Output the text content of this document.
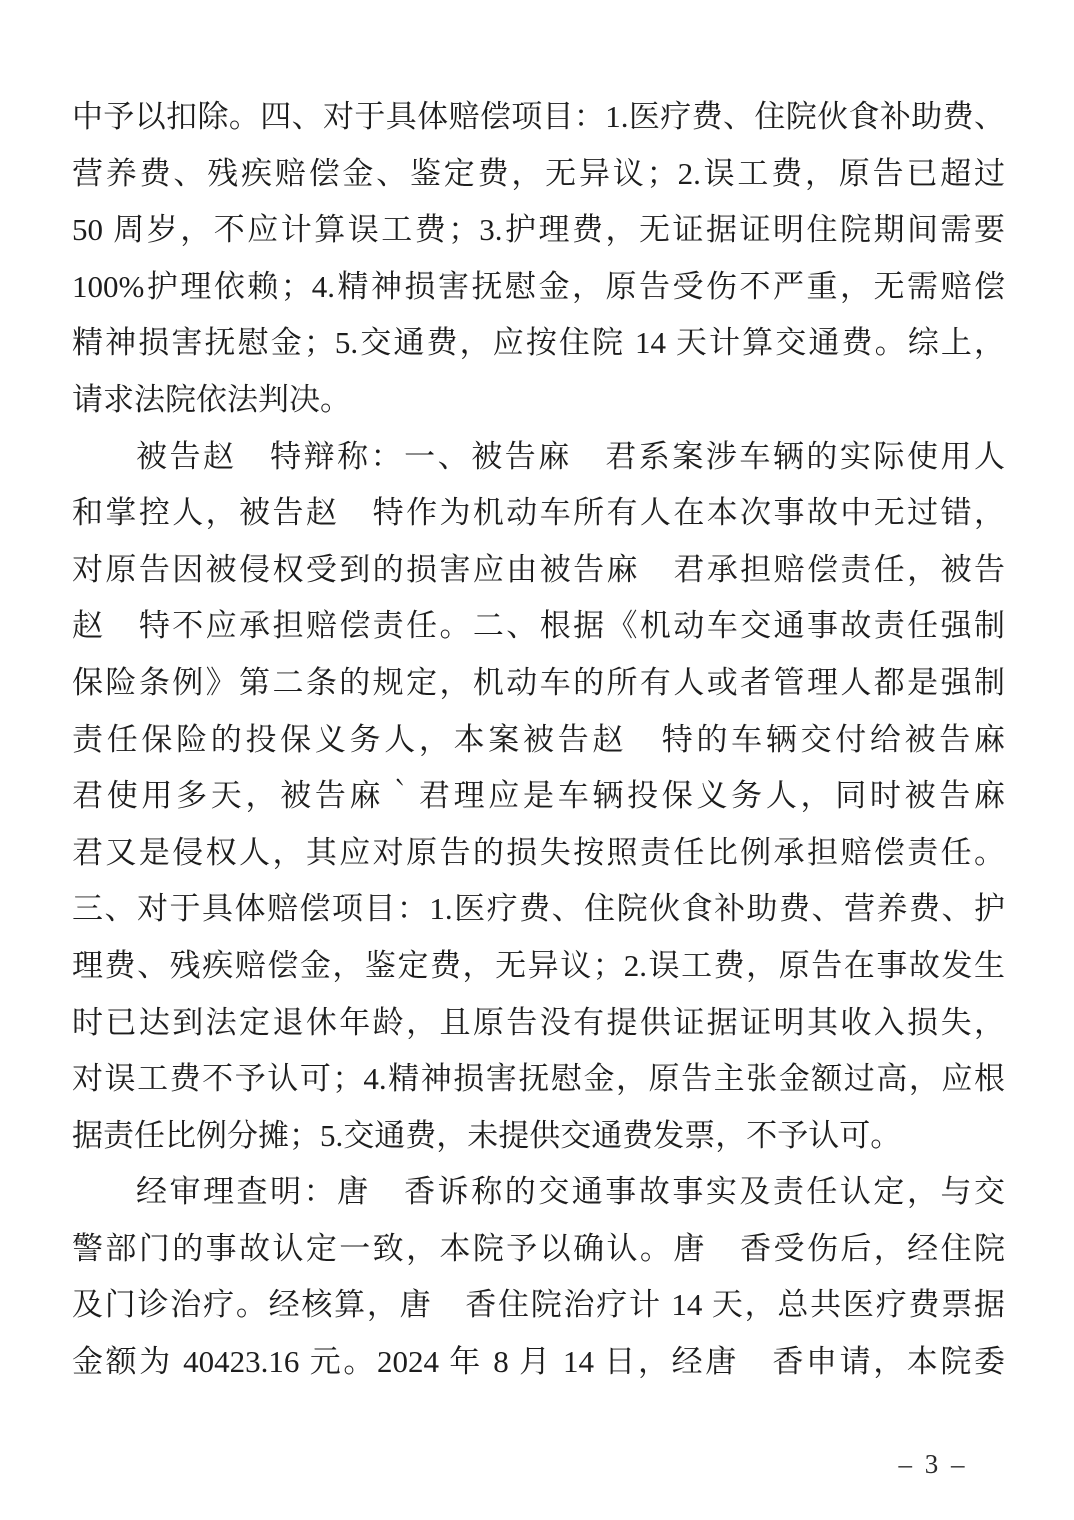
中予以扣除。四、对于具体赔偿项目：1.医疗费、住院伙食补助费、
营养费、残疾赔偿金、鉴定费，无异议；2.误工费，原告已超过
50 周岁，不应计算误工费；3.护理费，无证据证明住院期间需要
100%护理依赖；4.精神损害抚慰金，原告受伤不严重，无需赔偿
精神损害抚慰金；5.交通费，应按住院 14 天计算交通费。综上，
请求法院依法判决。
被告赵　特辩称：一、被告麻　君系案涉车辆的实际使用人
和掌控人，被告赵　特作为机动车所有人在本次事故中无过错，
对原告因被侵权受到的损害应由被告麻　君承担赔偿责任，被告
赵　特不应承担赔偿责任。二、根据《机动车交通事故责任强制
保险条例》第二条的规定，机动车的所有人或者管理人都是强制
责任保险的投保义务人，本案被告赵　特的车辆交付给被告麻
君使用多天，被告麻｀君理应是车辆投保义务人，同时被告麻
君又是侵权人，其应对原告的损失按照责任比例承担赔偿责任。
三、对于具体赔偿项目：1.医疗费、住院伙食补助费、营养费、护
理费、残疾赔偿金，鉴定费，无异议；2.误工费，原告在事故发生
时已达到法定退休年龄，且原告没有提供证据证明其收入损失，
对误工费不予认可；4.精神损害抚慰金，原告主张金额过高，应根
据责任比例分摊；5.交通费，未提供交通费发票，不予认可。
经审理查明：唐　香诉称的交通事故事实及责任认定，与交
警部门的事故认定一致，本院予以确认。唐　香受伤后，经住院
及门诊治疗。经核算，唐　香住院治疗计 14 天，总共医疗费票据
金额为 40423.16 元。2024 年 8 月 14 日，经唐　香申请，本院委
– 3 –
